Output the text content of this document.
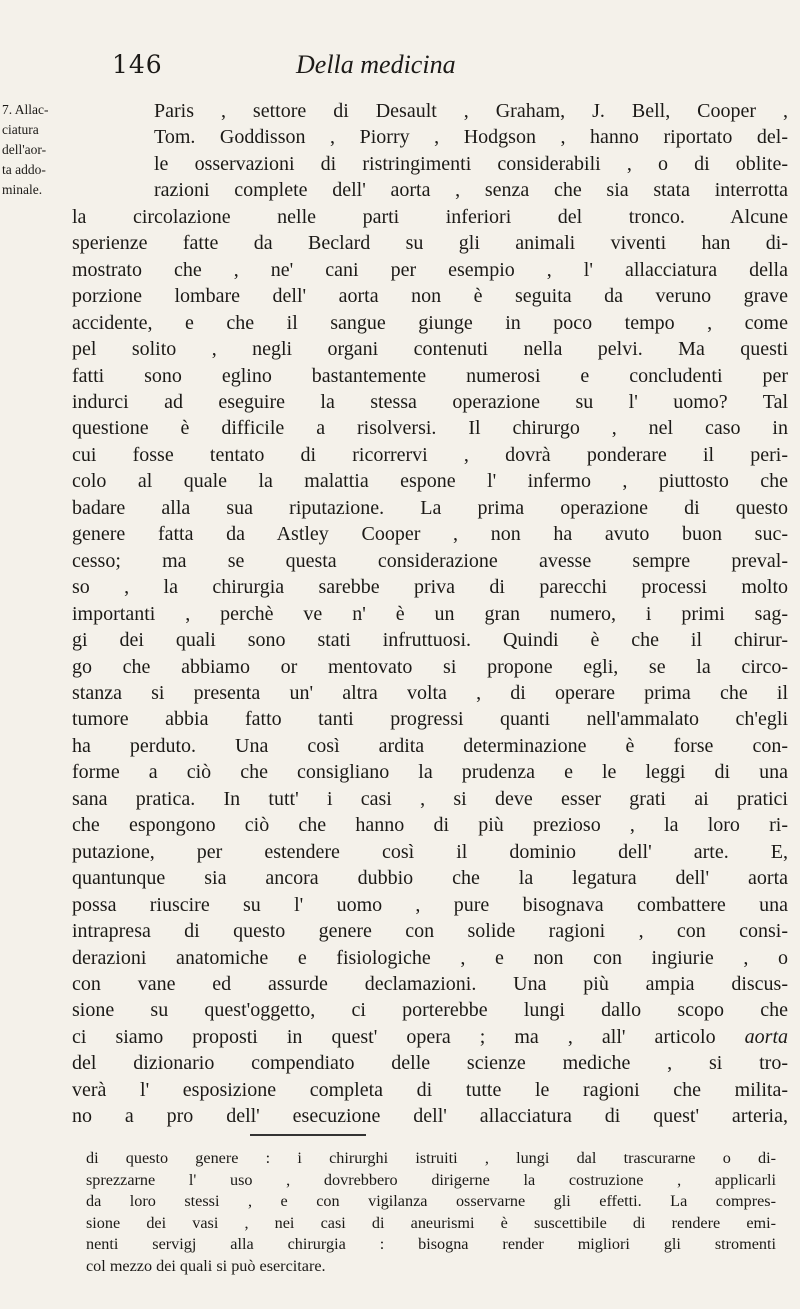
146	Della medicina
7. Allac-
ciatura
dell'aor-
ta addo-
minale.
Paris , settore di Desault , Graham, J. Bell, Cooper ,
Tom. Goddisson , Piorry , Hodgson , hanno riportato del-
le osservazioni di ristringimenti considerabili , o di oblite-
razioni complete dell' aorta , senza che sia stata interrotta
la circolazione nelle parti inferiori del tronco. Alcune
sperienze fatte da Beclard su gli animali viventi han di-
mostrato che , ne' cani per esempio , l' allacciatura della
porzione lombare dell' aorta non è seguita da veruno grave
accidente, e che il sangue giunge in poco tempo , come
pel solito , negli organi contenuti nella pelvi. Ma questi
fatti sono eglino bastantemente numerosi e concludenti per
indurci ad eseguire la stessa operazione su l' uomo? Tal
questione è difficile a risolversi. Il chirurgo , nel caso in
cui fosse tentato di ricorrervi , dovrà ponderare il peri-
colo al quale la malattia espone l' infermo , piuttosto che
badare alla sua riputazione. La prima operazione di questo
genere fatta da Astley Cooper , non ha avuto buon suc-
cesso; ma se questa considerazione avesse sempre preval-
so , la chirurgia sarebbe priva di parecchi processi molto
importanti , perchè ve n' è un gran numero, i primi sag-
gi dei quali sono stati infruttuosi. Quindi è che il chirur-
go che abbiamo or mentovato si propone egli, se la circo-
stanza si presenta un' altra volta , di operare prima che il
tumore abbia fatto tanti progressi quanti nell'ammalato ch'egli
ha perduto. Una così ardita determinazione è forse con-
forme a ciò che consigliano la prudenza e le leggi di una
sana pratica. In tutt' i casi , si deve esser grati ai pratici
che espongono ciò che hanno di più prezioso , la loro ri-
putazione, per estendere così il dominio dell' arte. E,
quantunque sia ancora dubbio che la legatura dell' aorta
possa riuscire su l' uomo , pure bisognava combattere una
intrapresa di questo genere con solide ragioni , con consi-
derazioni anatomiche e fisiologiche , e non con ingiurie , o
con vane ed assurde declamazioni. Una più ampia discus-
sione su quest'oggetto, ci porterebbe lungi dallo scopo che
ci siamo proposti in quest' opera ; ma , all' articolo aorta
del dizionario compendiato delle scienze mediche , si tro-
verà l' esposizione completa di tutte le ragioni che milita-
no a pro dell' esecuzione dell' allacciatura di quest' arteria,
di questo genere : i chirurghi istruiti , lungi dal trascurarne o di-
sprezzarne l' uso , dovrebbero dirigerne la costruzione , applicarli
da loro stessi , e con vigilanza osservarne gli effetti. La compres-
sione dei vasi , nei casi di aneurismi è suscettibile di rendere emi-
nenti servigj alla chirurgia : bisogna render migliori gli stromenti
col mezzo dei quali si può esercitare.
